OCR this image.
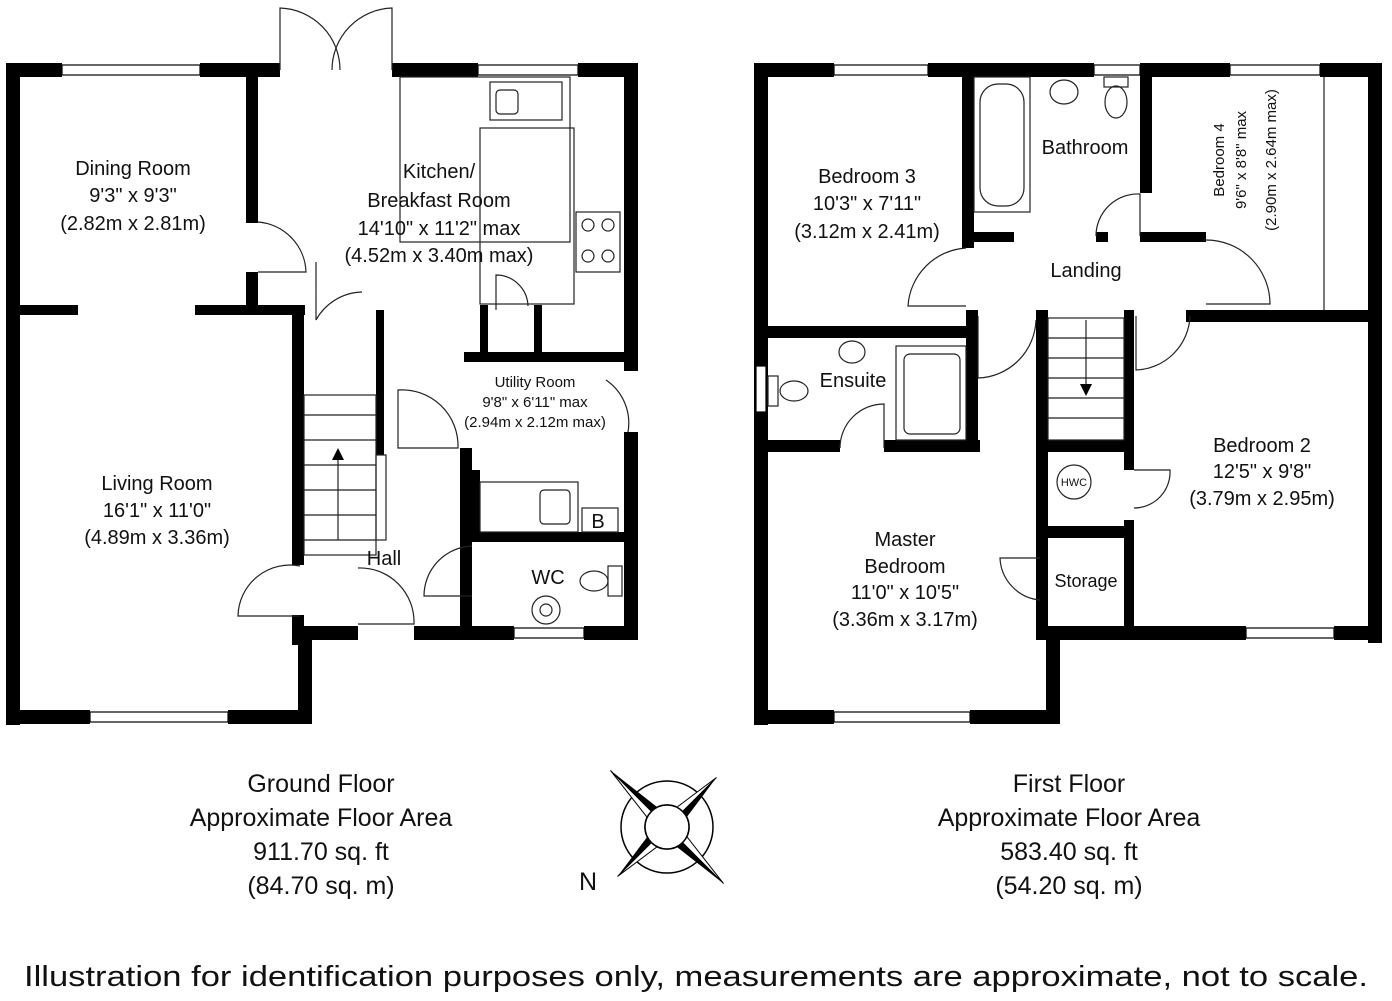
Dining Room
9'3" x 9'3"
(2.82m x 2.81m)
Kitchen/
Breakfast Room
14'10" x 11'2" max
(4.52m x 3.40m max)
Utility Room
9'8" x 6'11" max
(2.94m x 2.12m max)
Living Room
16'1" x 11'0"
(4.89m x 3.36m)
Hall
WC
B
Bedroom 3
10'3" x 7'11"
(3.12m x 2.41m)
Bathroom	Bedroom 4 9'6" x 8'8" max (2.90m x 2.64m max)
Landing
Ensuite
Master
Bedroom
11'0" x 10'5"
(3.36m x 3.17m)
Bedroom 2
12'5" x 9'8"
(3.79m x 2.95m)
HWC
Storage
Ground Floor
Approximate Floor Area
911.70 sq. ft
(84.70 sq. m)
First Floor
Approximate Floor Area
583.40 sq. ft
(54.20 sq. m)
N
Illustration for identification purposes only, measurements are approximate, not to scale.
